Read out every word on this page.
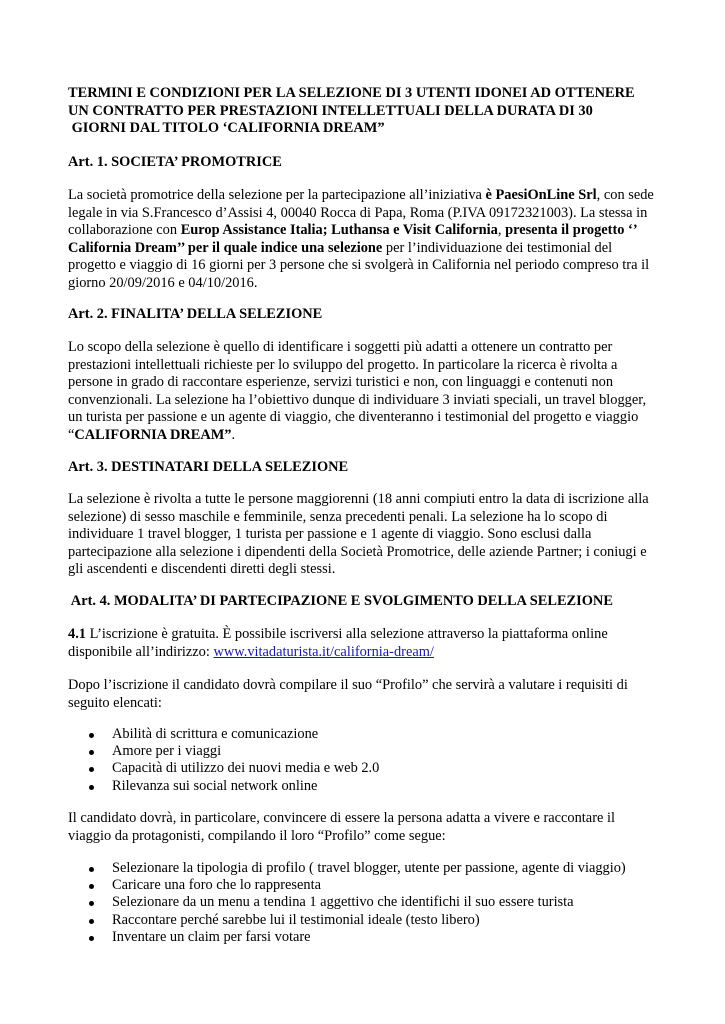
TERMINI E CONDIZIONI PER LA SELEZIONE DI 3 UTENTI IDONEI AD OTTENERE
UN CONTRATTO PER PRESTAZIONI INTELLETTUALI DELLA DURATA DI 30
GIORNI DAL TITOLO ‘CALIFORNIA DREAM”
Art. 1. SOCIETA’ PROMOTRICE
La società promotrice della selezione per la partecipazione all’iniziativa è PaesiOnLine Srl, con sede legale in via S.Francesco d’Assisi 4, 00040 Rocca di Papa, Roma (P.IVA 09172321003). La stessa in collaborazione con Europ Assistance Italia; Luthansa e Visit California, presenta il progetto ‘’ California Dream’’ per il quale indice una selezione per l’individuazione dei testimonial del progetto e viaggio di 16 giorni per 3 persone che si svolgerà in California nel periodo compreso tra il giorno 20/09/2016 e 04/10/2016.
Art. 2. FINALITA’ DELLA SELEZIONE
Lo scopo della selezione è quello di identificare i soggetti più adatti a ottenere un contratto per prestazioni intellettuali richieste per lo sviluppo del progetto. In particolare la ricerca è rivolta a persone in grado di raccontare esperienze, servizi turistici e non, con linguaggi e contenuti non convenzionali. La selezione ha l’obiettivo dunque di individuare 3 inviati speciali, un travel blogger, un turista per passione e un agente di viaggio, che diventeranno i testimonial del progetto e viaggio “CALIFORNIA DREAM”.
Art. 3. DESTINATARI DELLA SELEZIONE
La selezione è rivolta a tutte le persone maggiorenni (18 anni compiuti entro la data di iscrizione alla selezione) di sesso maschile e femminile, senza precedenti penali. La selezione ha lo scopo di individuare 1 travel blogger, 1 turista per passione e 1 agente di viaggio. Sono esclusi dalla partecipazione alla selezione i dipendenti della Società Promotrice, delle aziende Partner; i coniugi e gli ascendenti e discendenti diretti degli stessi.
Art. 4. MODALITA’ DI PARTECIPAZIONE E SVOLGIMENTO DELLA SELEZIONE
4.1 L’iscrizione è gratuita. È possibile iscriversi alla selezione attraverso la piattaforma online disponibile all’indirizzo: www.vitadaturista.it/california-dream/
Dopo l’iscrizione il candidato dovrà compilare il suo “Profilo” che servirà a valutare i requisiti di seguito elencati:
Abilità di scrittura e comunicazione
Amore per i viaggi
Capacità di utilizzo dei nuovi media e web 2.0
Rilevanza sui social network online
Il candidato dovrà, in particolare, convincere di essere la persona adatta a vivere e raccontare il viaggio da protagonisti, compilando il loro “Profilo” come segue:
Selezionare la tipologia di profilo ( travel blogger, utente per passione, agente di viaggio)
Caricare una foro che lo rappresenta
Selezionare da un menu a tendina 1 aggettivo che identifichi il suo essere turista
Raccontare perché sarebbe lui il testimonial ideale (testo libero)
Inventare un claim per farsi votare
